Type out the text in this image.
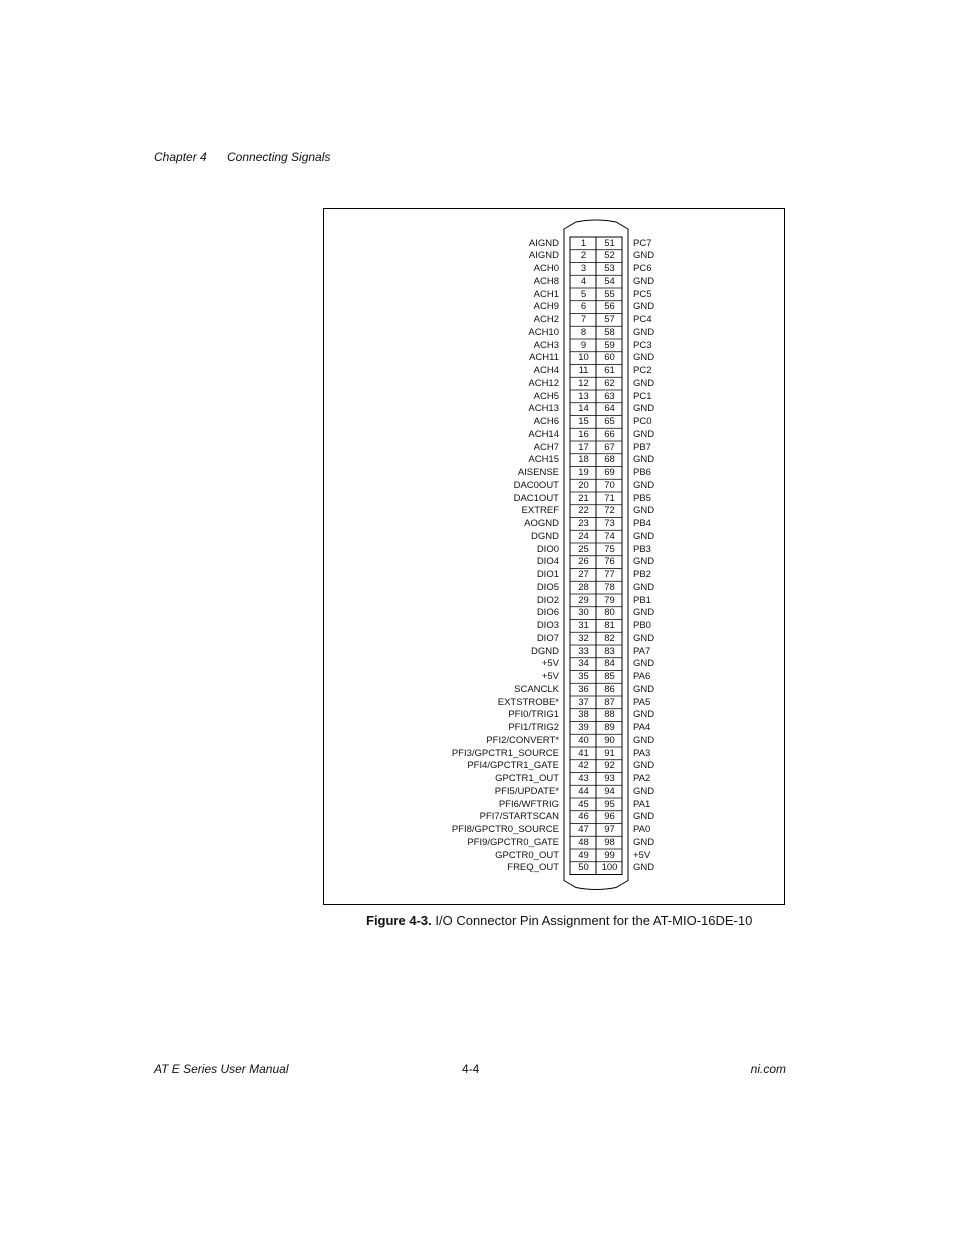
Chapter 4 Connecting Signals
AIGND	1	51	PC7
AIGND	2	52	GND
ACH0	3	53	PC6
ACH8	4	54	GND
ACH1	5	55	PC5
ACH9	6	56	GND
ACH2	7	57	PC4
ACH10	8	58	GND
ACH3	9	59	PC3
ACH11	10	60	GND
ACH4	11	61	PC2
ACH12	12	62	GND
ACH5	13	63	PC1
ACH13	14	64	GND
ACH6	15	65	PC0
ACH14	16	66	GND
ACH7	17	67	PB7
ACH15	18	68	GND
AISENSE	19	69	PB6
DAC0OUT	20	70	GND
DAC1OUT	21	71	PB5
EXTREF	22	72	GND
AOGND	23	73	PB4
DGND	24	74	GND
DIO0	25	75	PB3
DIO4	26	76	GND
DIO1	27	77	PB2
DIO5	28	78	GND
DIO2	29	79	PB1
DIO6	30	80	GND
DIO3	31	81	PB0
DIO7	32	82	GND
DGND	33	83	PA7
+5V	34	84	GND
+5V	35	85	PA6
SCANCLK	36	86	GND
EXTSTROBE*	37	87	PA5
PFI0/TRIG1	38	88	GND
PFI1/TRIG2	39	89	PA4
PFI2/CONVERT*	40	90	GND
PFI3/GPCTR1_SOURCE	41	91	PA3
PFI4/GPCTR1_GATE	42	92	GND
GPCTR1_OUT	43	93	PA2
PFI5/UPDATE*	44	94	GND
PFI6/WFTRIG	45	95	PA1
PFI7/STARTSCAN	46	96	GND
PFI8/GPCTR0_SOURCE	47	97	PA0
PFI9/GPCTR0_GATE	48	98	GND
GPCTR0_OUT	49	99	+5V
FREQ_OUT	50	100	GND
Figure 4-3. I/O Connector Pin Assignment for the AT-MIO-16DE-10
AT E Series User Manual	4-4	ni.com
